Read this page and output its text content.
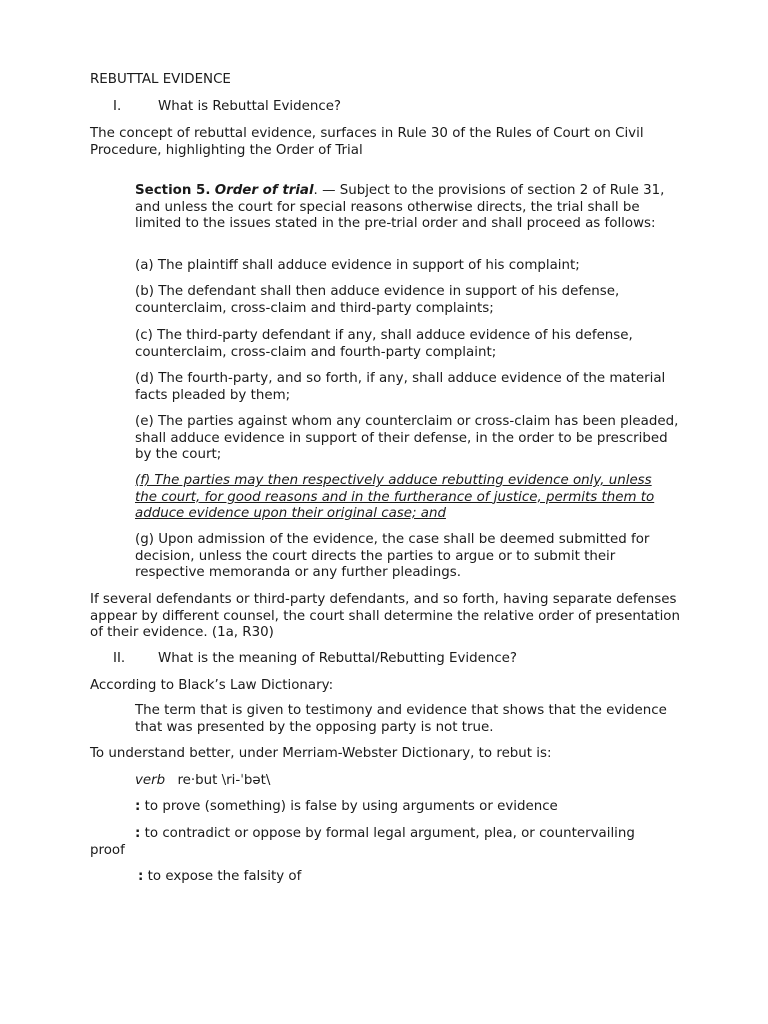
REBUTTAL EVIDENCE

I.	What is Rebuttal Evidence?

The concept of rebuttal evidence, surfaces in Rule 30 of the Rules of Court on Civil Procedure, highlighting the Order of Trial

Section 5. Order of trial. — Subject to the provisions of section 2 of Rule 31, and unless the court for special reasons otherwise directs, the trial shall be limited to the issues stated in the pre-trial order and shall proceed as follows:

(a) The plaintiff shall adduce evidence in support of his complaint;

(b) The defendant shall then adduce evidence in support of his defense, counterclaim, cross-claim and third-party complaints;

(c) The third-party defendant if any, shall adduce evidence of his defense, counterclaim, cross-claim and fourth-party complaint;

(d) The fourth-party, and so forth, if any, shall adduce evidence of the material facts pleaded by them;

(e) The parties against whom any counterclaim or cross-claim has been pleaded, shall adduce evidence in support of their defense, in the order to be prescribed by the court;

(f) The parties may then respectively adduce rebutting evidence only, unless the court, for good reasons and in the furtherance of justice, permits them to adduce evidence upon their original case; and

(g) Upon admission of the evidence, the case shall be deemed submitted for decision, unless the court directs the parties to argue or to submit their respective memoranda or any further pleadings.

If several defendants or third-party defendants, and so forth, having separate defenses appear by different counsel, the court shall determine the relative order of presentation of their evidence. (1a, R30)

II. What is the meaning of Rebuttal/Rebutting Evidence?

According to Black’s Law Dictionary:

The term that is given to testimony and evidence that shows that the evidence that was presented by the opposing party is not true.

To understand better, under Merriam-Webster Dictionary, to rebut is:

verb re·but \ri-ˈbət\

: to prove (something) is false by using arguments or evidence

: to contradict or oppose by formal legal argument, plea, or countervailing proof

: to expose the falsity of
